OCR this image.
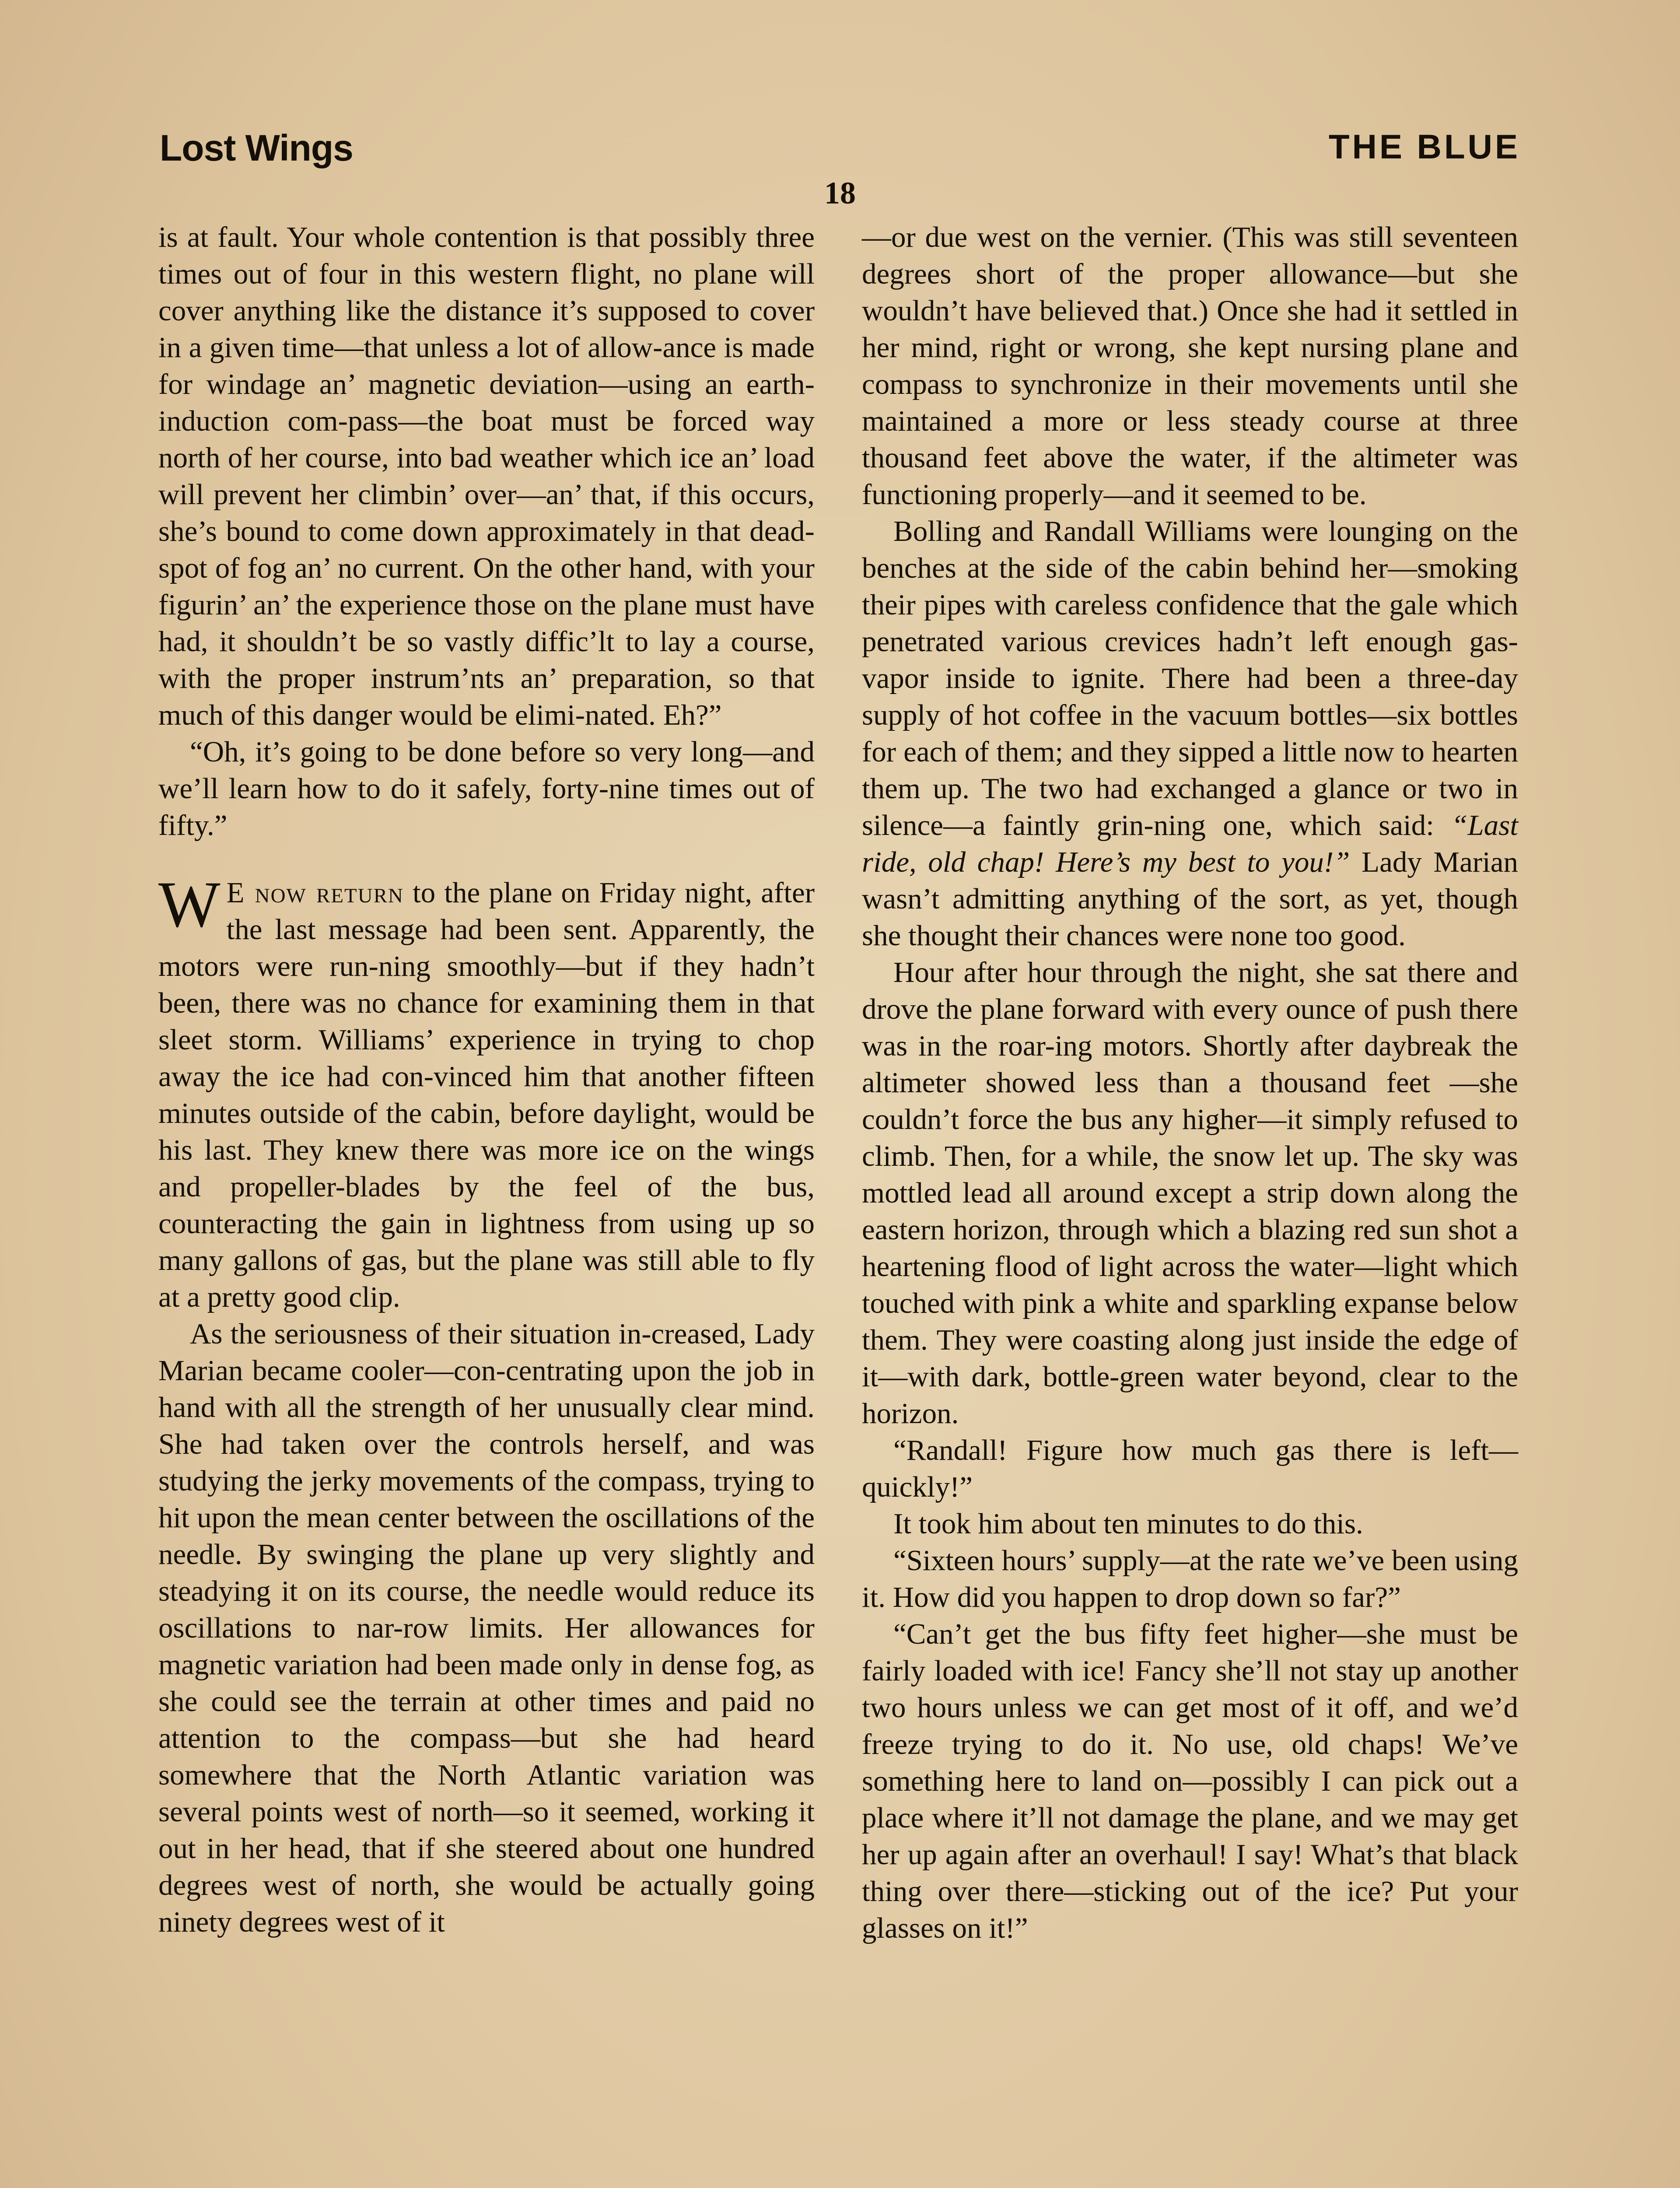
Lost Wings	THE BLUE
18

is at fault. Your whole contention is that possibly three times out of four in this western flight, no plane will cover anything like the distance it’s supposed to cover in a given time—that unless a lot of allow-ance is made for windage an’ magnetic deviation—using an earth-induction com-pass—the boat must be forced way north of her course, into bad weather which ice an’ load will prevent her climbin’ over—an’ that, if this occurs, she’s bound to come down approximately in that dead-spot of fog an’ no current. On the other hand, with your figurin’ an’ the experience those on the plane must have had, it shouldn’t be so vastly diffic’lt to lay a course, with the proper instrum’nts an’ preparation, so that much of this danger would be elimi-nated. Eh?”

“Oh, it’s going to be done before so very long—and we’ll learn how to do it safely, forty-nine times out of fifty.”

W E now return to the plane on Friday night, after the last message had been sent. Apparently, the motors were run-ning smoothly—but if they hadn’t been, there was no chance for examining them in that sleet storm. Williams’ experience in trying to chop away the ice had con-vinced him that another fifteen minutes outside of the cabin, before daylight, would be his last. They knew there was more ice on the wings and propeller-blades by the feel of the bus, counteracting the gain in lightness from using up so many gallons of gas, but the plane was still able to fly at a pretty good clip.

As the seriousness of their situation in-creased, Lady Marian became cooler—con-centrating upon the job in hand with all the strength of her unusually clear mind. She had taken over the controls herself, and was studying the jerky movements of the compass, trying to hit upon the mean center between the oscillations of the needle. By swinging the plane up very slightly and steadying it on its course, the needle would reduce its oscillations to nar-row limits. Her allowances for magnetic variation had been made only in dense fog, as she could see the terrain at other times and paid no attention to the compass—but she had heard somewhere that the North Atlantic variation was several points west of north—so it seemed, working it out in her head, that if she steered about one hundred degrees west of north, she would be actually going ninety degrees west of it

—or due west on the vernier. (This was still seventeen degrees short of the proper allowance—but she wouldn’t have believed that.) Once she had it settled in her mind, right or wrong, she kept nursing plane and compass to synchronize in their movements until she maintained a more or less steady course at three thousand feet above the water, if the altimeter was functioning properly—and it seemed to be.

Bolling and Randall Williams were lounging on the benches at the side of the cabin behind her—smoking their pipes with careless confidence that the gale which penetrated various crevices hadn’t left enough gas-vapor inside to ignite. There had been a three-day supply of hot coffee in the vacuum bottles—six bottles for each of them; and they sipped a little now to hearten them up. The two had exchanged a glance or two in silence—a faintly grin-ning one, which said: “Last ride, old chap! Here’s my best to you!” Lady Marian wasn’t admitting anything of the sort, as yet, though she thought their chances were none too good.

Hour after hour through the night, she sat there and drove the plane forward with every ounce of push there was in the roar-ing motors. Shortly after daybreak the altimeter showed less than a thousand feet —she couldn’t force the bus any higher—it simply refused to climb. Then, for a while, the snow let up. The sky was mottled lead all around except a strip down along the eastern horizon, through which a blazing red sun shot a heartening flood of light across the water—light which touched with pink a white and sparkling expanse below them. They were coasting along just inside the edge of it—with dark, bottle-green water beyond, clear to the horizon.

“Randall! Figure how much gas there is left—quickly!”

It took him about ten minutes to do this.

“Sixteen hours’ supply—at the rate we’ve been using it. How did you happen to drop down so far?”

“Can’t get the bus fifty feet higher—she must be fairly loaded with ice! Fancy she’ll not stay up another two hours unless we can get most of it off, and we’d freeze trying to do it. No use, old chaps! We’ve something here to land on—possibly I can pick out a place where it’ll not damage the plane, and we may get her up again after an overhaul! I say! What’s that black thing over there—sticking out of the ice? Put your glasses on it!”
